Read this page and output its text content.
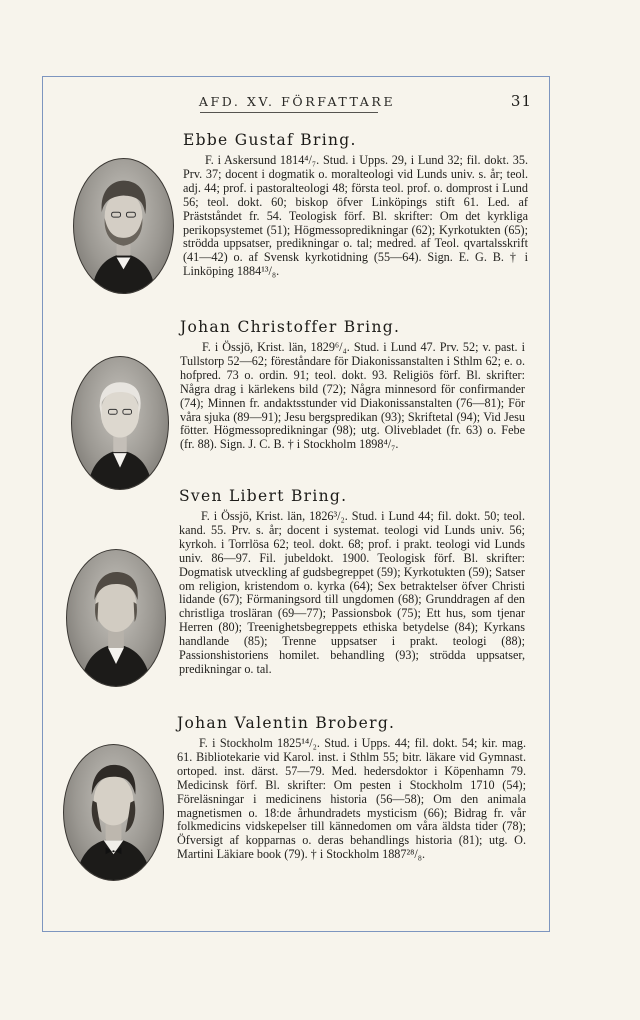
AFD. XV. FÖRFATTARE	31
Ebbe Gustaf Bring.

F. i Askersund 1814⁴/₇. Stud. i Upps. 29, i Lund 32; fil. dokt. 35. Prv. 37; docent i dogmatik o. moralteologi vid Lunds univ. s. år; teol. adj. 44; prof. i pastoralteologi 48; första teol. prof. o. domprost i Lund 56; teol. dokt. 60; biskop öfver Linköpings stift 61. Led. af Prästståndet fr. 54. Teologisk förf. Bl. skrifter: Om det kyrkliga perikopsystemet (51); Högmessopredikningar (62); Kyrkotukten (65); strödda uppsatser, predikningar o. tal; medred. af Teol. qvartalsskrift (41—42) o. af Svensk kyrkotidning (55—64). Sign. E. G. B. † i Linköping 1884¹³/₈.

Johan Christoffer Bring.

F. i Össjö, Krist. län, 1829⁶/₄. Stud. i Lund 47. Prv. 52; v. past. i Tullstorp 52—62; föreståndare för Diakonissanstalten i Sthlm 62; e. o. hofpred. 73 o. ordin. 91; teol. dokt. 93. Religiös förf. Bl. skrifter: Några drag i kärlekens bild (72); Några minnesord för confirmander (74); Minnen fr. andaktsstunder vid Diakonissanstalten (76—81); För våra sjuka (89—91); Jesu bergspredikan (93); Skriftetal (94); Vid Jesu fötter. Högmessopredikningar (98); utg. Olivebladet (fr. 63) o. Febe (fr. 88). Sign. J. C. B. † i Stockholm 1898⁴/₇.

Sven Libert Bring.

F. i Össjö, Krist. län, 1826³/₂. Stud. i Lund 44; fil. dokt. 50; teol. kand. 55. Prv. s. år; docent i systemat. teologi vid Lunds univ. 56; kyrkoh. i Torrlösa 62; teol. dokt. 68; prof. i prakt. teologi vid Lunds univ. 86—97. Fil. jubeldokt. 1900. Teologisk förf. Bl. skrifter: Dogmatisk utveckling af gudsbegreppet (59); Kyrkotukten (59); Satser om religion, kristendom o. kyrka (64); Sex betraktelser öfver Christi lidande (67); Förmaningsord till ungdomen (68); Grunddragen af den christliga trosläran (69—77); Passionsbok (75); Ett hus, som tjenar Herren (80); Treenighetsbegreppets ethiska betydelse (84); Kyrkans handlande (85); Trenne uppsatser i prakt. teologi (88); Passionshistoriens homilet. behandling (93); strödda uppsatser, predikningar o. tal.

Johan Valentin Broberg.

F. i Stockholm 1825¹⁴/₂. Stud. i Upps. 44; fil. dokt. 54; kir. mag. 61. Bibliotekarie vid Karol. inst. i Sthlm 55; bitr. läkare vid Gymnast. ortoped. inst. därst. 57—79. Med. hedersdoktor i Köpenhamn 79. Medicinsk förf. Bl. skrifter: Om pesten i Stockholm 1710 (54); Föreläsningar i medicinens historia (56—58); Om den animala magnetismen o. 18:de århundradets mysticism (66); Bidrag fr. vår folkmedicins vidskepelser till kännedomen om våra äldsta tider (78); Öfversigt af kopparnas o. deras behandlings historia (81); utg. O. Martini Läkiare book (79). † i Stockholm 1887²⁸/₈.
